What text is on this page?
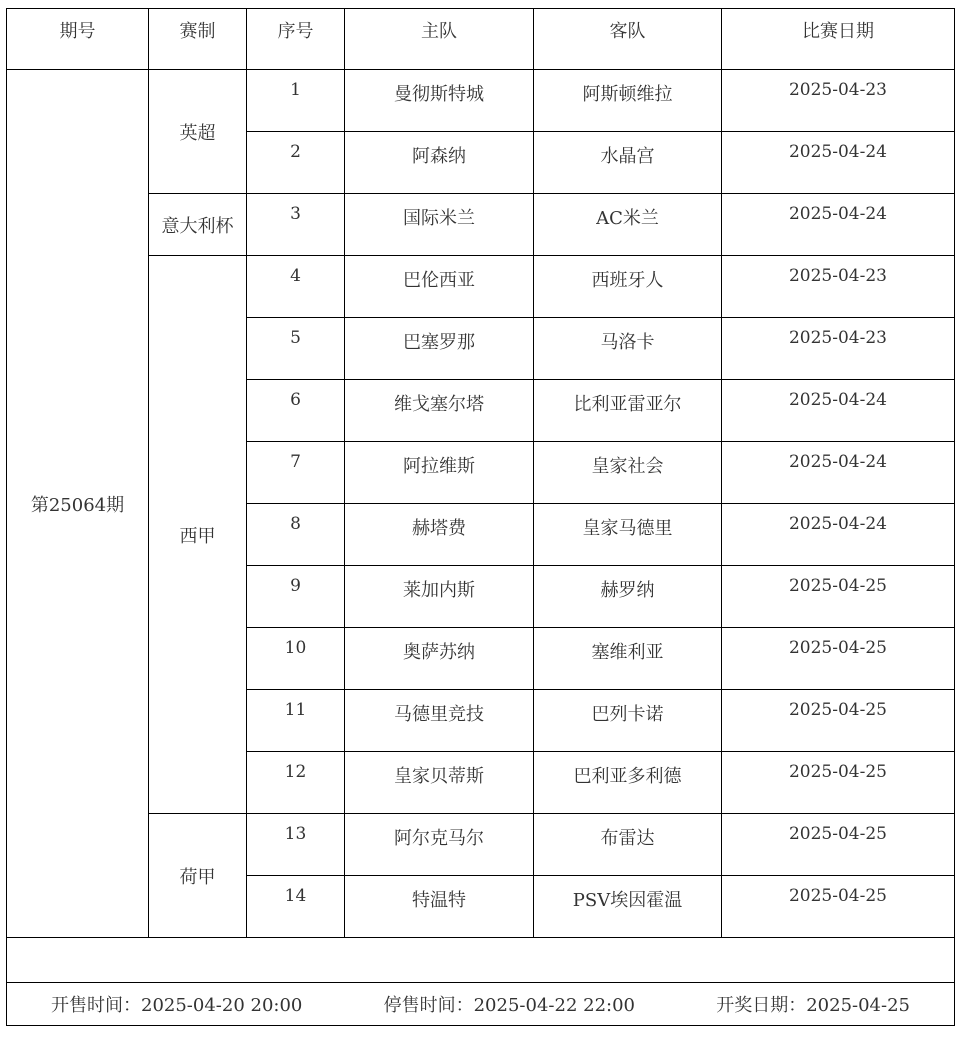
期号	赛制	序号	主队	客队	比赛日期
第25064期	英超	1	曼彻斯特城	阿斯顿维拉	2025-04-23
		2	阿森纳	水晶宫	2025-04-24
	意大利杯	3	国际米兰	AC米兰	2025-04-24
	西甲	4	巴伦西亚	西班牙人	2025-04-23
		5	巴塞罗那	马洛卡	2025-04-23
		6	维戈塞尔塔	比利亚雷亚尔	2025-04-24
		7	阿拉维斯	皇家社会	2025-04-24
		8	赫塔费	皇家马德里	2025-04-24
		9	莱加内斯	赫罗纳	2025-04-25
		10	奥萨苏纳	塞维利亚	2025-04-25
		11	马德里竞技	巴列卡诺	2025-04-25
		12	皇家贝蒂斯	巴利亚多利德	2025-04-25
	荷甲	13	阿尔克马尔	布雷达	2025-04-25
		14	特温特	PSV埃因霍温	2025-04-25

开售时间：2025-04-20 20:00 停售时间：2025-04-22 22:00 开奖日期：2025-04-25					
